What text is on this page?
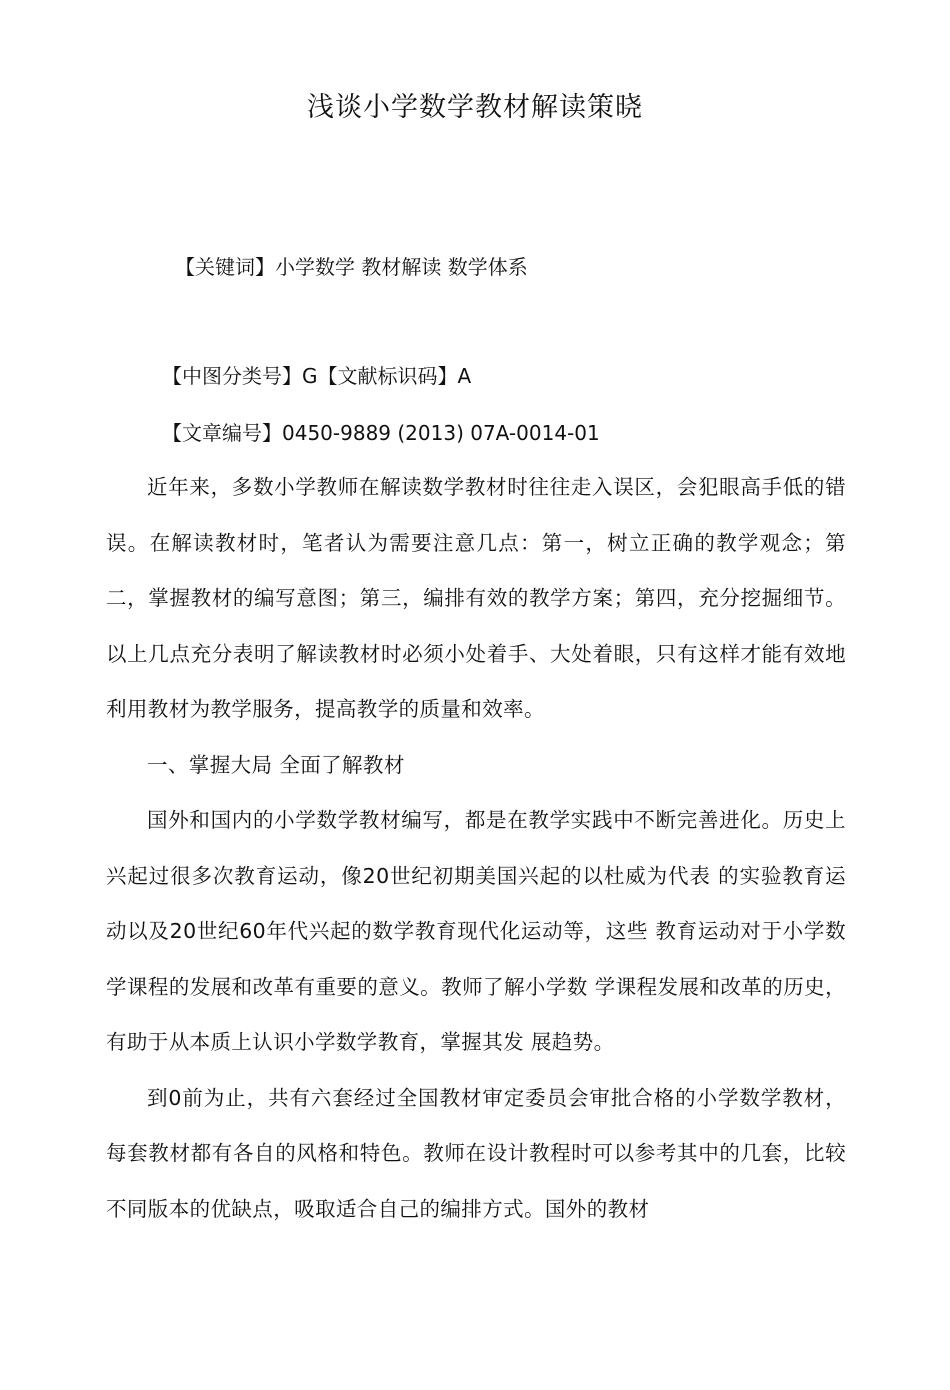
浅谈小学数学教材解读策晓
【关键词】小学数学 教材解读 数学体系
【中图分类号】G【文献标识码】A
【文章编号】0450-9889 (2013) 07A-0014-01

近年来，多数小学教师在解读数学教材时往往走入误区，会犯眼高手低的错误。在解读教材时，笔者认为需要注意几点：第一，树立正确的教学观念；第二，掌握教材的编写意图；第三，编排有效的教学方案；第四，充分挖掘细节。以上几点充分表明了解读教材时必须小处着手、大处着眼，只有这样才能有效地利用教材为教学服务，提高教学的质量和效率。

一、掌握大局 全面了解教材

国外和国内的小学数学教材编写，都是在教学实践中不断完善进化。历史上兴起过很多次教育运动，像20世纪初期美国兴起的以杜威为代表 的实验教育运动以及20世纪60年代兴起的数学教育现代化运动等，这些 教育运动对于小学数学课程的发展和改革有重要的意义。教师了解小学数 学课程发展和改革的历史，有助于从本质上认识小学数学教育，掌握其发 展趋势。

到0前为止，共有六套经过全国教材审定委员会审批合格的小学数学教材，每套教材都有各自的风格和特色。教师在设计教程时可以参考其中的几套，比较不同版本的优缺点，吸取适合自己的编排方式。国外的教材
